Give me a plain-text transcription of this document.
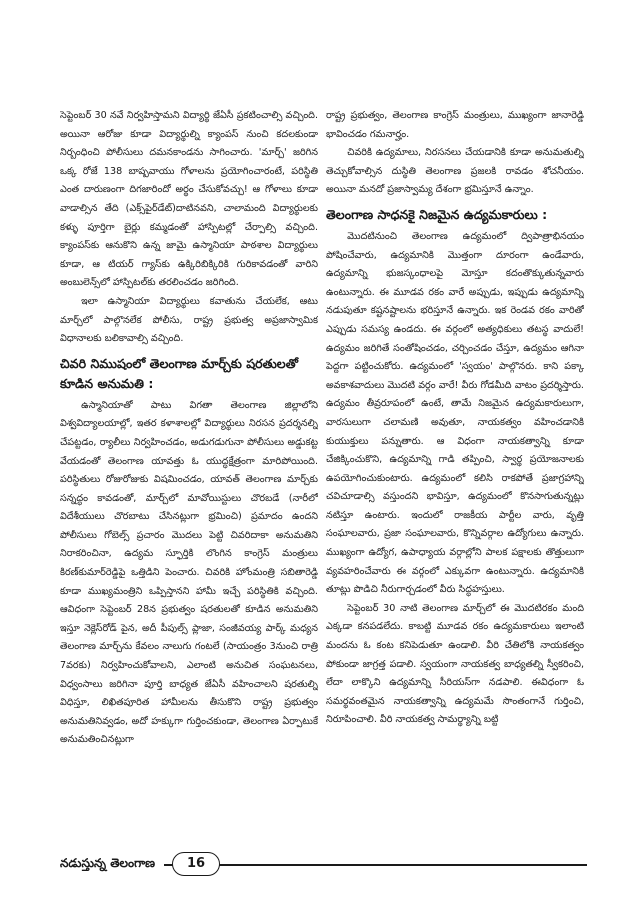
సెప్టెంబర్ 30 నవే నిర్వహిస్తామని విద్యార్థి జేఏసీ ప్రకటించాల్సి వచ్చింది. అయినా ఆరోజు కూడా విద్యార్థుల్ని క్యాంపస్ నుంచి కదలకుండా నిర్బంధించి పోలీసులు దమనకాండను సాగించారు. 'మార్చ్' జరిగిన ఒక్క రోజే 138 బాష్పవాయు గోళాలను ప్రయోగించారంటే, పరిస్థితి ఎంత దారుణంగా దిగజారిందో అర్థం చేసుకోవచ్చు! ఆ గోళాలు కూడా వాడాల్సిన తేది (ఎక్స్‌పైర్‌డేట్‌)దాటినవని, చాలామంది విద్యార్థులకు కళ్ళు పూర్తిగా బైర్లు కమ్మడంతో హాస్పిటల్లో చేర్పాల్సి వచ్చింది. క్యాంపస్‌కు ఆనుకొని ఉన్న జామై ఉస్మానియా పాఠశాల విద్యార్థులు కూడా, ఆ టియర్ గ్యాస్‌కు ఉక్కిరిబిక్కిరికి గురికావడంతో వారిని అంబులెన్స్‌లో హాస్పిటల్‌కు తరలించడం జరిగింది.

ఇలా ఉస్మానియా విద్యార్థులు కవాతును చేయలేక, ఆటు మార్చ్‌లో పాల్గొనలేక పోలీసు, రాష్ట్ర ప్రభుత్వ అప్రజాస్వామిక విధానాలకు బలికావాల్సి వచ్చింది.

చివరి నిముషంలో తెలంగాణ మార్చ్‌కు షరతులతో కూడిన అనుమతి :

ఉస్మానియాతో పాటు విగతా తెలంగాణ జిల్లాలోని విశ్వవిద్యాలయాల్లో, ఇతర కళాశాలల్లో విద్యార్థులు నిరసన ప్రదర్శనల్ని చేపట్టడం, ర్యాలీలు నిర్వహించడం, అడుగడుగునా పోలీసులు అడ్డుకట్ట వేయడంతో తెలంగాణ యావత్తు ఓ యుద్ధక్షేత్రంగా మారిపోయింది. పరిస్థితులు రోజురోజుకు విషమించడం, యావత్ తెలంగాణ మార్చ్‌కు సన్నద్ధం కావడంతో, మార్చ్‌లో మావోయిస్టులు చొరబడే (నారీలో విదేశీయులు చొరబాటు చేసినట్లుగా భ్రమించి) ప్రమాదం ఉందని పోలీసులు గోబెల్స్ ప్రచారం మొదలు పెట్టి చివరిదాకా అనుమతిని నిరాకరించినా, ఉద్యమ స్ఫూర్తికి లొంగిన కాంగ్రెస్ మంత్రులు కిరణ్‌కుమార్‌రెడ్డిపై ఒత్తిడిని పెంచారు. చివరికి హోంమంత్రి సబితారెడ్డి కూడా ముఖ్యమంత్రిని ఒప్పిస్తానని హామీ ఇచ్చే పరిస్థితికి వచ్చింది. ఆవిధంగా సెప్టెంబర్ 28న ప్రభుత్వం షరతులతో కూడిన అనుమతిని ఇస్తూ నెక్లెస్‌రోడ్ పైన, అదీ పీపుల్స్ ప్లాజా, సంజీవయ్య పార్క్‌ మధ్యన తెలంగాణ మార్చ్‌ను కేవలం నాలుగు గంటలే (సాయంత్రం 3నుంచి రాత్రి 7వరకు) నిర్వహించుకోవాలని, ఎలాంటి అనుచిత సంఘటనలు, విధ్వంసాలు జరిగినా పూర్తి బాధ్యత జేఏసీ వహించాలని షరతుల్ని విధిస్తూ, లిఖితపూరిత హామీలను తీసుకొని రాష్ట్ర ప్రభుత్వం అనుమతినివ్వడం, అదో హక్కుగా గుర్తించకుండా, తెలంగాణ ఏర్పాటుకే అనుమతించినట్లుగా

రాష్ట్ర ప్రభుత్వం, తెలంగాణ కాంగ్రెస్ మంత్రులు, ముఖ్యంగా జానారెడ్డి భావించడం గమనార్హం.

చివరికి ఉద్యమాలు, నిరసనలు చేయడానికి కూడా అనుమతుల్ని తెచ్చుకోవాల్సిన దుస్థితి తెలంగాణ ప్రజలకి రావడం శోచనీయం. అయినా మనదో ప్రజాస్వామ్య దేశంగా భ్రమిస్తూనే ఉన్నాం.

తెలంగాణ సాధనకై నిజమైన ఉద్యమకారులు :

మొదటినుంచి తెలంగాణ ఉద్యమంలో ద్విపాత్రాభినయం పోషించేవారు, ఉద్యమానికి మొత్తంగా దూరంగా ఉండేవారు, ఉద్యమాన్ని భుజస్కంధాలపై మోస్తూ కదంతొక్కుతున్నవారు ఉంటున్నారు. ఈ మూడవ రకం వారే అప్పుడు, ఇప్పుడు ఉద్యమాన్ని నడుపుతూ కష్టనష్టాలను భరిస్తూనే ఉన్నారు. ఇక రెండవ రకం వారితో ఎప్పుడు సమస్య ఉండదు. ఈ వర్గంలో అత్యధికులు తటస్థ వాదులే! ఉద్యమం జరిగితే సంతోషించడం, చర్చించడం చేస్తూ, ఉద్యమం ఆగినా పెద్దగా పట్టించుకోరు. ఉద్యమంలో 'స్వయం' పాల్గొనరు. కాని పక్కా అవకాశవాదులు మొదటి వర్గం వారే! వీరు గోడమీది వాటం ప్రదర్శిస్తారు. ఉద్యమం తీవ్రరూపంలో ఉంటే, తామే నిజమైన ఉద్యమకారులుగా, వారసులుగా చలామణి అవుతూ, నాయకత్వం వహించడానికి కుయుక్తులు పన్నుతారు. ఆ విధంగా నాయకత్వాన్ని కూడా చేజిక్కించుకొని, ఉద్యమాన్ని గాడి తప్పించి, స్వార్థ ప్రయోజనాలకు ఉపయోగించుకుంటారు. ఉద్యమంలో కలిసి రాకపోతే ప్రజాగ్రహాన్ని చవిచూడాల్సి వస్తుందని భావిస్తూ, ఉద్యమంలో కొనసాగుతున్నట్లు నటిస్తూ ఉంటారు. ఇందులో రాజకీయ పార్టీల వారు, వృత్తి సంఘాలవారు, ప్రజా సంఘాలవారు, కొన్నివర్గాల ఉద్యోగులు ఉన్నారు. ముఖ్యంగా ఉద్యోగ, ఉపాధ్యాయ వర్గాల్లోని పాలక పక్షాలకు తొత్తులుగా వ్యవహరించేవారు ఈ వర్గంలో ఎక్కువగా ఉంటున్నారు. ఉద్యమానికి తూట్లు పొడిచి నీరుగార్చడంలో వీరు సిద్ధహస్తులు.

సెప్టెంబర్ 30 నాటి తెలంగాణ మార్చ్‌లో ఈ మొదటిరకం మంది ఎక్కడా కనపడలేదు. కాబట్టి మూడవ రకం ఉద్యమకారులు ఇలాంటి మందను ఓ కంట కనిపెడుతూ ఉండాలి. వీరి చేతిలోకి నాయకత్వం పోకుండా జాగ్రత్త పడాలి. స్వయంగా నాయకత్వ బాధ్యతల్ని స్వీకరించి, లేదా లాక్కొని ఉద్యమాన్ని సీరియస్‌గా నడపాలి. ఈవిధంగా ఓ సమర్థవంతమైన నాయకత్వాన్ని ఉద్యమమే సొంతంగానే గుర్తించి, నిరూపించాలి. వీరి నాయకత్వ సామర్థ్యాన్ని బట్టి

నడుస్తున్న తెలంగాణ	16
